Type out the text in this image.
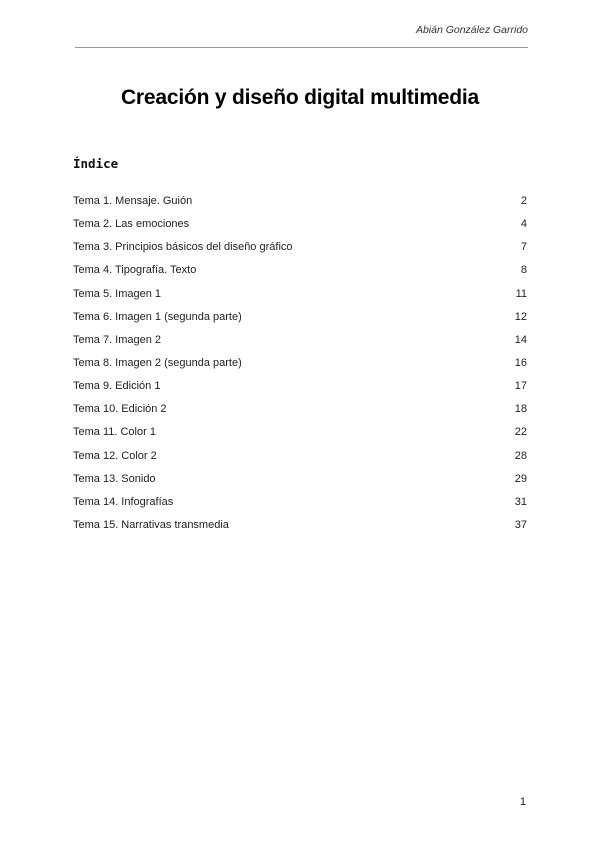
Abián González Garrido
Creación y diseño digital multimedia
Índice
Tema 1. Mensaje. Guión	2
Tema 2. Las emociones	4
Tema 3. Principios básicos del diseño gráfico	7
Tema 4. Tipografía. Texto	8
Tema 5. Imagen 1	11
Tema 6. Imagen 1 (segunda parte)	12
Tema 7. Imagen 2	14
Tema 8. Imagen 2 (segunda parte)	16
Tema 9. Edición 1	17
Tema 10. Edición 2	18
Tema 11. Color 1	22
Tema 12. Color 2	28
Tema 13. Sonido	29
Tema 14. Infografías	31
Tema 15. Narrativas transmedia	37
1
